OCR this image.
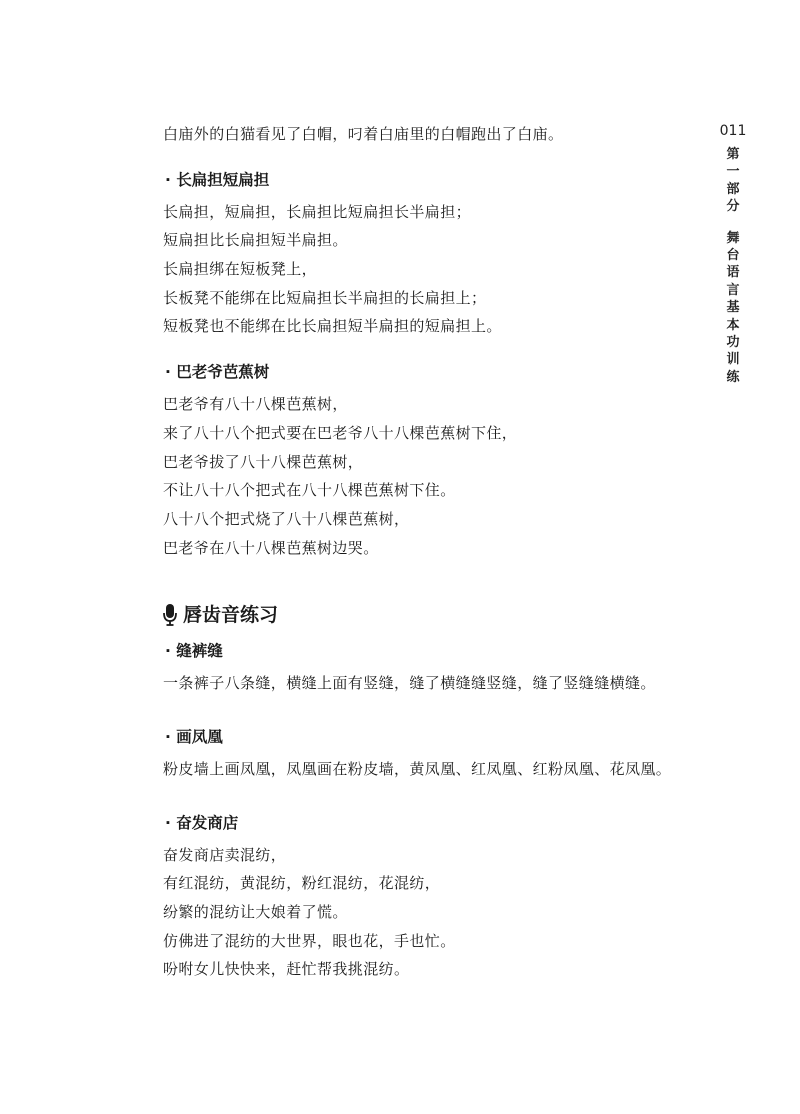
白庙外的白猫看见了白帽，叼着白庙里的白帽跑出了白庙。
· 长扁担短扁担
长扁担，短扁担，长扁担比短扁担长半扁担；
短扁担比长扁担短半扁担。
长扁担绑在短板凳上，
长板凳不能绑在比短扁担长半扁担的长扁担上；
短板凳也不能绑在比长扁担短半扁担的短扁担上。
· 巴老爷芭蕉树
巴老爷有八十八棵芭蕉树，
来了八十八个把式要在巴老爷八十八棵芭蕉树下住，
巴老爷拔了八十八棵芭蕉树，
不让八十八个把式在八十八棵芭蕉树下住。
八十八个把式烧了八十八棵芭蕉树，
巴老爷在八十八棵芭蕉树边哭。
唇齿音练习
· 缝裤缝
一条裤子八条缝，横缝上面有竖缝，缝了横缝缝竖缝，缝了竖缝缝横缝。
· 画凤凰
粉皮墙上画凤凰，凤凰画在粉皮墙，黄凤凰、红凤凰、红粉凤凰、花凤凰。
· 奋发商店
奋发商店卖混纺，
有红混纺，黄混纺，粉红混纺，花混纺，
纷繁的混纺让大娘着了慌。
仿佛进了混纺的大世界，眼也花，手也忙。
吩咐女儿快快来，赶忙帮我挑混纺。
011
第一部分
舞台语言基本功训练
